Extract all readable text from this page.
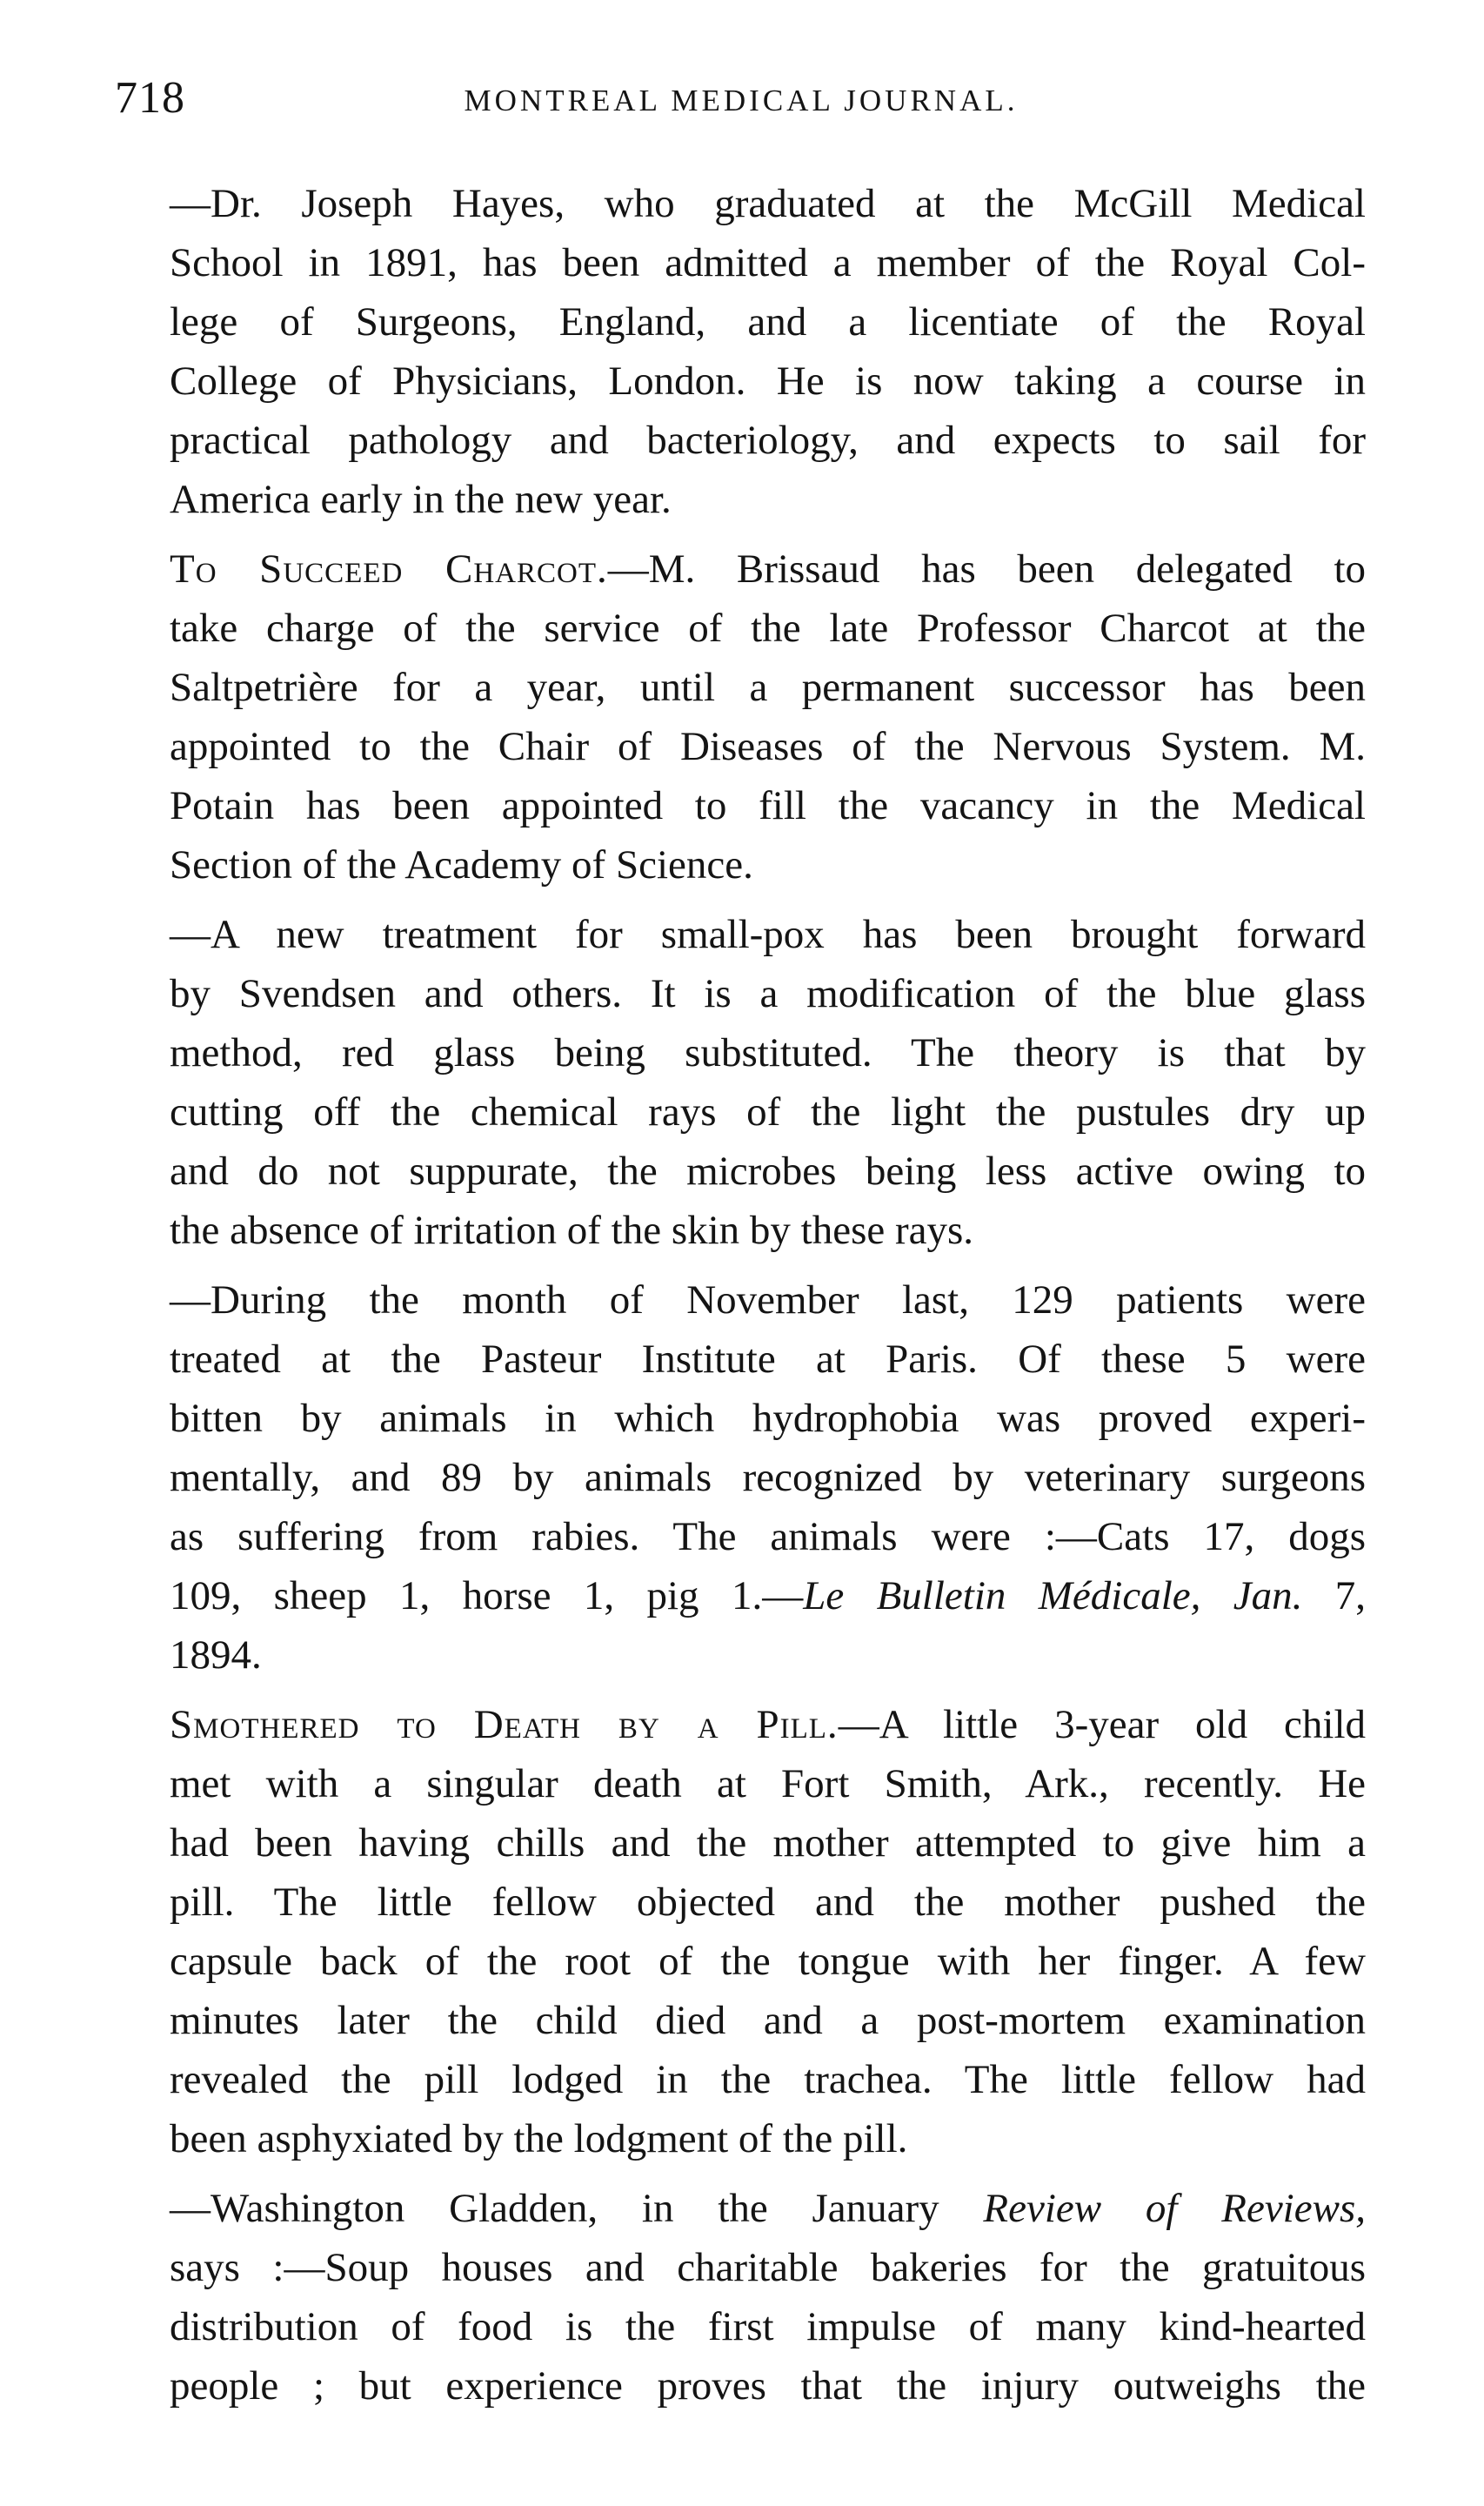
718	MONTREAL MEDICAL JOURNAL.

—Dr. Joseph Hayes, who graduated at the McGill Medical
School in 1891, has been admitted a member of the Royal Col-
lege of Surgeons, England, and a licentiate of the Royal
College of Physicians, London. He is now taking a course in
practical pathology and bacteriology, and expects to sail for
America early in the new year.

To Succeed Charcot.—M. Brissaud has been delegated to
take charge of the service of the late Professor Charcot at the
Saltpetrière for a year, until a permanent successor has been
appointed to the Chair of Diseases of the Nervous System. M.
Potain has been appointed to fill the vacancy in the Medical
Section of the Academy of Science.

—A new treatment for small-pox has been brought forward
by Svendsen and others. It is a modification of the blue glass
method, red glass being substituted. The theory is that by
cutting off the chemical rays of the light the pustules dry up
and do not suppurate, the microbes being less active owing to
the absence of irritation of the skin by these rays.

—During the month of November last, 129 patients were
treated at the Pasteur Institute at Paris. Of these 5 were
bitten by animals in which hydrophobia was proved experi-
mentally, and 89 by animals recognized by veterinary surgeons
as suffering from rabies. The animals were :—Cats 17, dogs
109, sheep 1, horse 1, pig 1.—Le Bulletin Médicale, Jan. 7,
1894.

Smothered to Death by a Pill.—A little 3-year old child
met with a singular death at Fort Smith, Ark., recently. He
had been having chills and the mother attempted to give him a
pill. The little fellow objected and the mother pushed the
capsule back of the root of the tongue with her finger. A few
minutes later the child died and a post-mortem examination
revealed the pill lodged in the trachea. The little fellow had
been asphyxiated by the lodgment of the pill.

—Washington Gladden, in the January Review of Reviews,
says :—Soup houses and charitable bakeries for the gratuitous
distribution of food is the first impulse of many kind-hearted
people ; but experience proves that the injury outweighs the
